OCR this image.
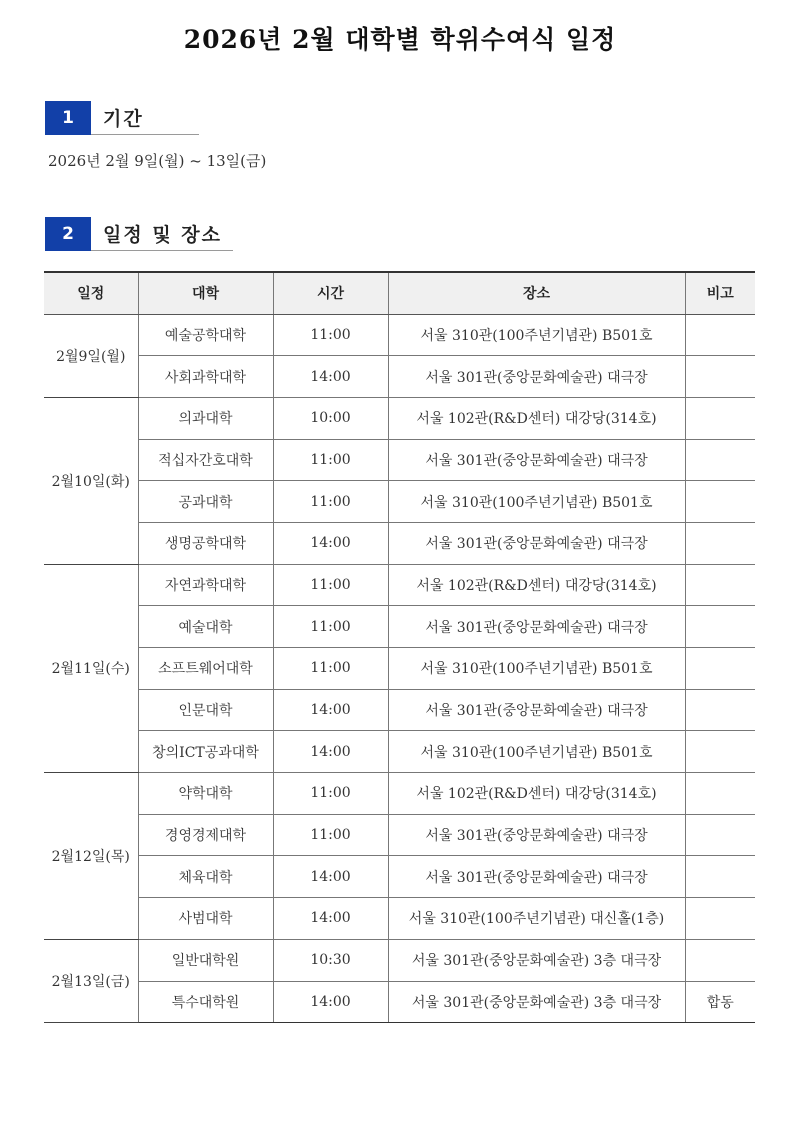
2026년 2월 대학별 학위수여식 일정
1	기간
2026년 2월 9일(월) ~ 13일(금)
2	일정 및 장소
일정	대학	시간	장소	비고
2월9일(월)	예술공학대학	11:00	서울 310관(100주년기념관) B501호	
	사회과학대학	14:00	서울 301관(중앙문화예술관) 대극장	
2월10일(화)	의과대학	10:00	서울 102관(R&D센터) 대강당(314호)	
	적십자간호대학	11:00	서울 301관(중앙문화예술관) 대극장	
	공과대학	11:00	서울 310관(100주년기념관) B501호	
	생명공학대학	14:00	서울 301관(중앙문화예술관) 대극장	
2월11일(수)	자연과학대학	11:00	서울 102관(R&D센터) 대강당(314호)	
	예술대학	11:00	서울 301관(중앙문화예술관) 대극장	
	소프트웨어대학	11:00	서울 310관(100주년기념관) B501호	
	인문대학	14:00	서울 301관(중앙문화예술관) 대극장	
	창의ICT공과대학	14:00	서울 310관(100주년기념관) B501호	
2월12일(목)	약학대학	11:00	서울 102관(R&D센터) 대강당(314호)	
	경영경제대학	11:00	서울 301관(중앙문화예술관) 대극장	
	체육대학	14:00	서울 301관(중앙문화예술관) 대극장	
	사범대학	14:00	서울 310관(100주년기념관) 대신홀(1층)	
2월13일(금)	일반대학원	10:30	서울 301관(중앙문화예술관) 3층 대극장	
	특수대학원	14:00	서울 301관(중앙문화예술관) 3층 대극장	합동
